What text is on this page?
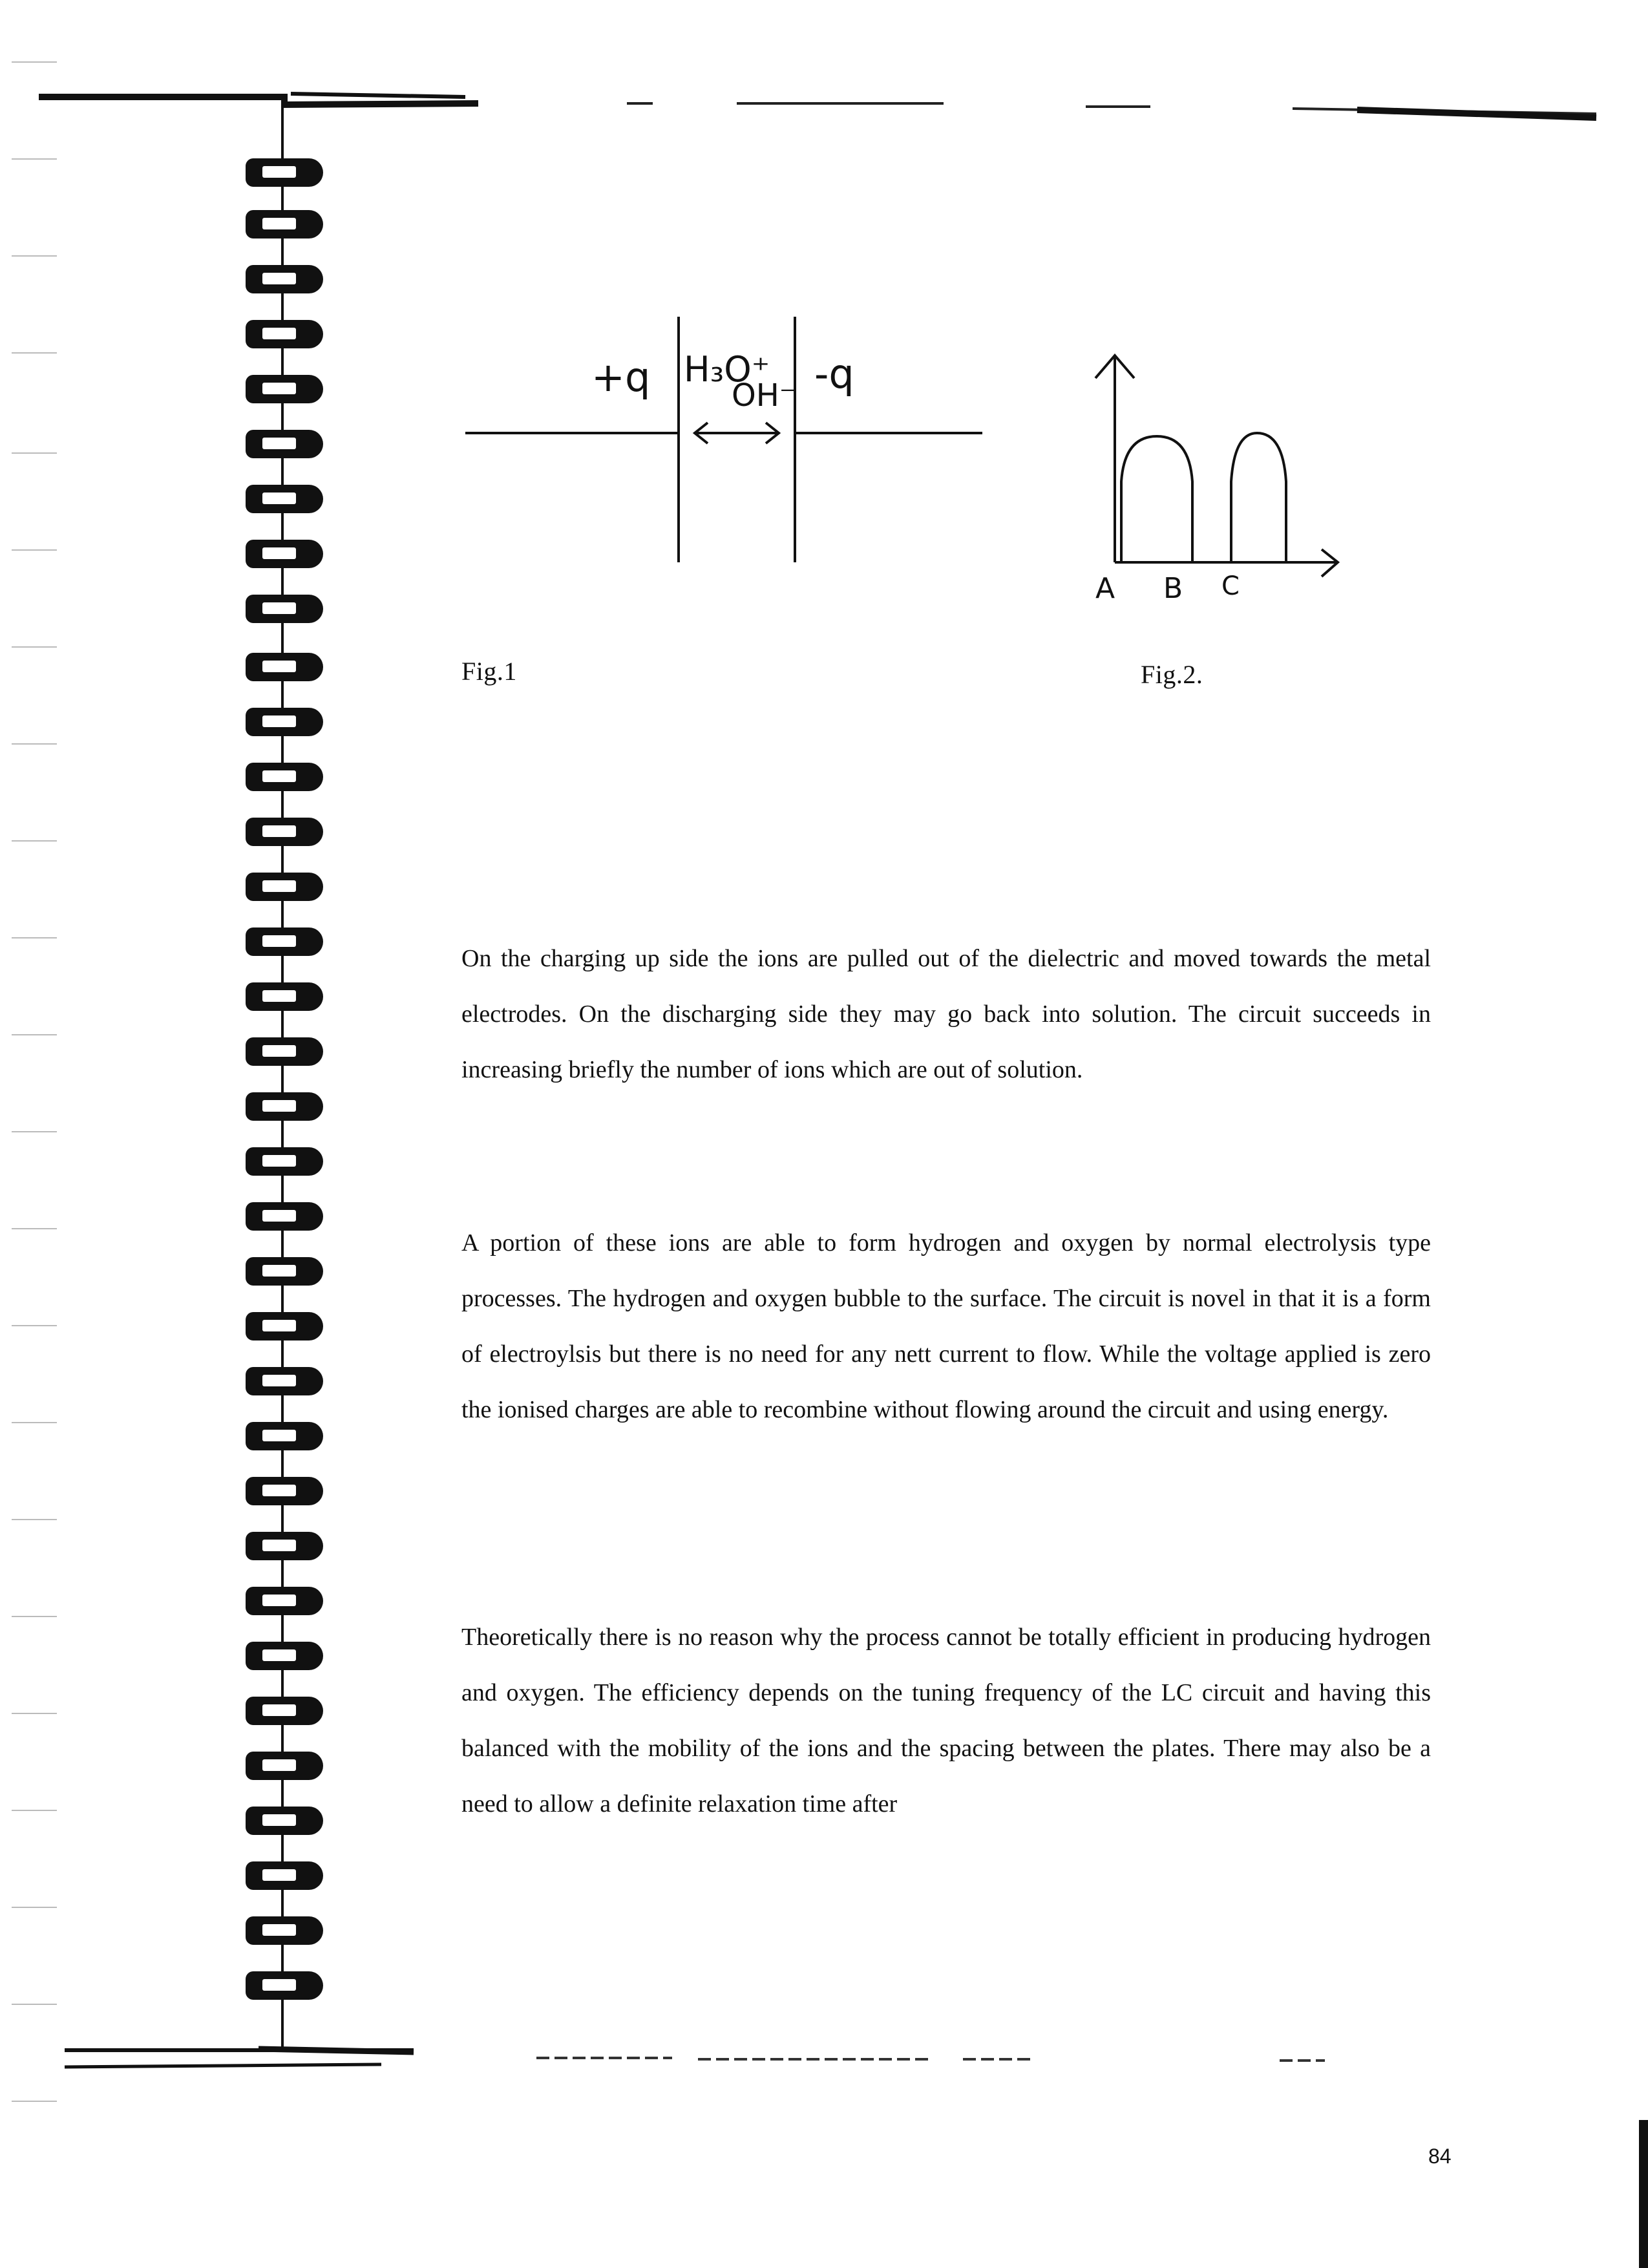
+q H₃O⁺
OH⁻ -q
A B C
Fig.1	Fig.2.
On the charging up side the ions are pulled out of the dielectric and moved towards the metal electrodes. On the discharging side they may go back into solution. The circuit succeeds in increasing briefly the number of ions which are out of solution.
A portion of these ions are able to form hydrogen and oxygen by normal electrolysis type processes. The hydrogen and oxygen bubble to the surface. The circuit is novel in that it is a form of electroylsis but there is no need for any nett current to flow. While the voltage applied is zero the ionised charges are able to recombine without flowing around the circuit and using energy.
Theoretically there is no reason why the process cannot be totally efficient in producing hydrogen and oxygen. The efficiency depends on the tuning frequency of the LC circuit and having this balanced with the mobility of the ions and the spacing between the plates. There may also be a need to allow a definite relaxation time after
84
